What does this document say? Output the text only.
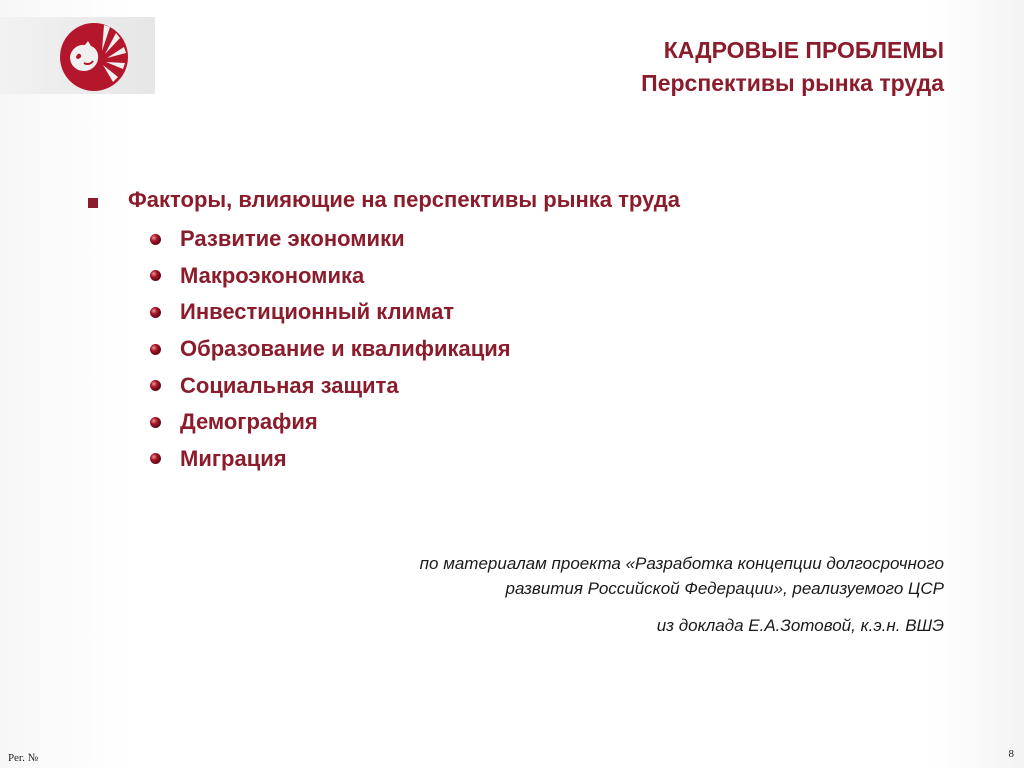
КАДРОВЫЕ ПРОБЛЕМЫ
Перспективы рынка труда
Факторы, влияющие на перспективы рынка труда
Развитие экономики
Макроэкономика
Инвестиционный климат
Образование и квалификация
Социальная защита
Демография
Миграция

по материалам проекта «Разработка концепции долгосрочного

развития Российской Федерации», реализуемого ЦСР

из доклада Е.А.Зотовой, к.э.н. ВШЭ

Рег. №	8
